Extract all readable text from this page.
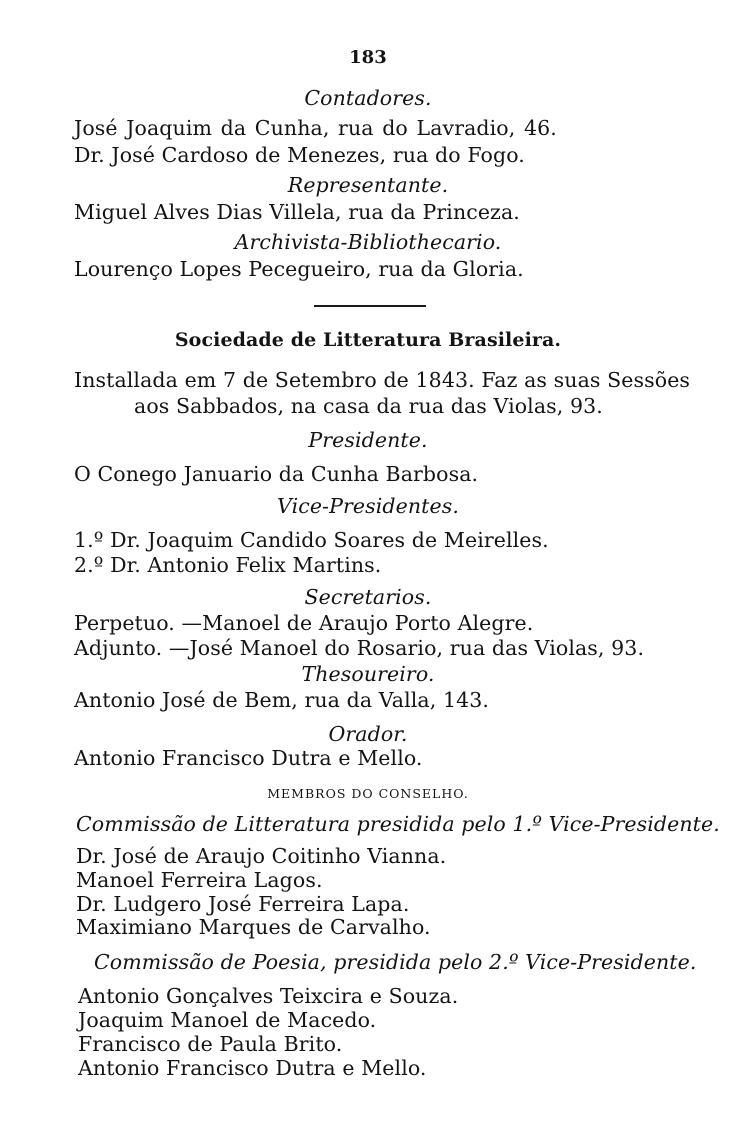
183
Contadores.
José Joaquim da Cunha, rua do Lavradio, 46.
Dr. José Cardoso de Menezes, rua do Fogo.
Representante.
Miguel Alves Dias Villela, rua da Princeza.
Archivista-Bibliothecario.
Lourenço Lopes Pecegueiro, rua da Gloria.
Sociedade de Litteratura Brasileira.
Installada em 7 de Setembro de 1843. Faz as suas Sessões
aos Sabbados, na casa da rua das Violas, 93.
Presidente.
O Conego Januario da Cunha Barbosa.
Vice-Presidentes.
1.º Dr. Joaquim Candido Soares de Meirelles.
2.º Dr. Antonio Felix Martins.
Secretarios.
Perpetuo. —Manoel de Araujo Porto Alegre.
Adjunto. —José Manoel do Rosario, rua das Violas, 93.
Thesoureiro.
Antonio José de Bem, rua da Valla, 143.
Orador.
Antonio Francisco Dutra e Mello.
MEMBROS DO CONSELHO.
Commissão de Litteratura presidida pelo 1.º Vice-Presidente.
Dr. José de Araujo Coitinho Vianna.
Manoel Ferreira Lagos.
Dr. Ludgero José Ferreira Lapa.
Maximiano Marques de Carvalho.
Commissão de Poesia, presidida pelo 2.º Vice-Presidente.
Antonio Gonçalves Teixcira e Souza.
Joaquim Manoel de Macedo.
Francisco de Paula Brito.
Antonio Francisco Dutra e Mello.
